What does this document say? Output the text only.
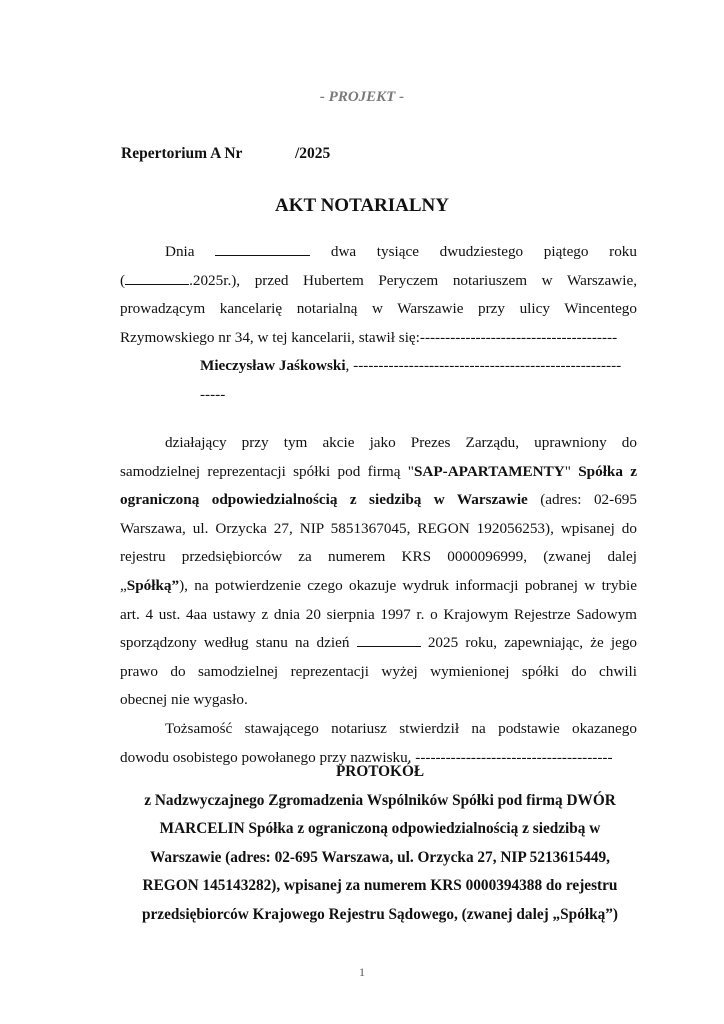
- PROJEKT -
Repertorium A Nr	/2025
AKT NOTARIALNY
Dnia	dwa tysiące dwudziestego piątego roku
(	.2025r.), przed Hubertem Peryczem notariuszem w Warszawie,
prowadzącym kancelarię notarialną w Warszawie przy ulicy Wincentego
Rzymowskiego nr 34, w tej kancelarii, stawił się:---------------------------------------
Mieczysław Jaśkowski, -----------------------------------------------------
-----
działający przy tym akcie jako Prezes Zarządu, uprawniony do
samodzielnej reprezentacji spółki pod firmą "SAP-APARTAMENTY" Spółka z
ograniczoną odpowiedzialnością z siedzibą w Warszawie (adres: 02-695
Warszawa, ul. Orzycka 27, NIP 5851367045, REGON 192056253), wpisanej do
rejestru przedsiębiorców za numerem KRS 0000096999, (zwanej dalej
„Spółką”), na potwierdzenie czego okazuje wydruk informacji pobranej w trybie
art. 4 ust. 4aa ustawy z dnia 20 sierpnia 1997 r. o Krajowym Rejestrze Sadowym
sporządzony według stanu na dzień	2025 roku, zapewniając, że jego
prawo do samodzielnej reprezentacji wyżej wymienionej spółki do chwili
obecnej nie wygasło.
Tożsamość stawającego notariusz stwierdził na podstawie okazanego
dowodu osobistego powołanego przy nazwisku. ---------------------------------------
PROTOKÓŁ
z Nadzwyczajnego Zgromadzenia Wspólników Spółki pod firmą DWÓR
MARCELIN Spółka z ograniczoną odpowiedzialnością z siedzibą w
Warszawie (adres: 02-695 Warszawa, ul. Orzycka 27, NIP 5213615449,
REGON 145143282), wpisanej za numerem KRS 0000394388 do rejestru
przedsiębiorców Krajowego Rejestru Sądowego, (zwanej dalej „Spółką”)
1
